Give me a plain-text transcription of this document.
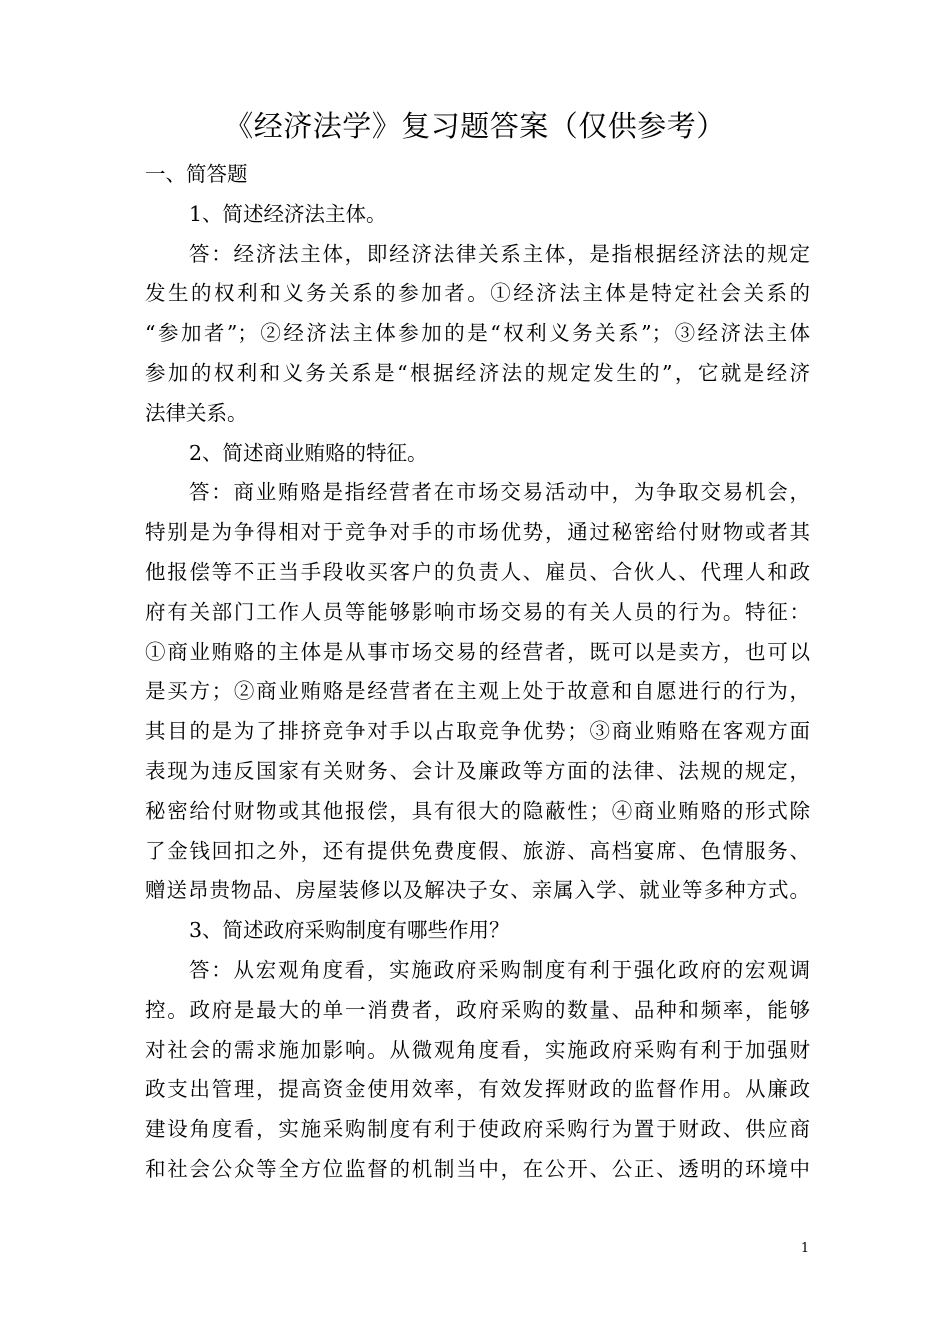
《经济法学》复习题答案（仅供参考）
一、简答题
1、简述经济法主体。
答：经济法主体，即经济法律关系主体，是指根据经济法的规定
发生的权利和义务关系的参加者。①经济法主体是特定社会关系的
“参加者”；②经济法主体参加的是“权利义务关系”；③经济法主体
参加的权利和义务关系是“根据经济法的规定发生的”，它就是经济
法律关系。
2、简述商业贿赂的特征。
答：商业贿赂是指经营者在市场交易活动中，为争取交易机会，
特别是为争得相对于竞争对手的市场优势，通过秘密给付财物或者其
他报偿等不正当手段收买客户的负责人、雇员、合伙人、代理人和政
府有关部门工作人员等能够影响市场交易的有关人员的行为。特征：
①商业贿赂的主体是从事市场交易的经营者，既可以是卖方，也可以
是买方；②商业贿赂是经营者在主观上处于故意和自愿进行的行为，
其目的是为了排挤竞争对手以占取竞争优势；③商业贿赂在客观方面
表现为违反国家有关财务、会计及廉政等方面的法律、法规的规定，
秘密给付财物或其他报偿，具有很大的隐蔽性；④商业贿赂的形式除
了金钱回扣之外，还有提供免费度假、旅游、高档宴席、色情服务、
赠送昂贵物品、房屋装修以及解决子女、亲属入学、就业等多种方式。
3、简述政府采购制度有哪些作用？
答：从宏观角度看，实施政府采购制度有利于强化政府的宏观调
控。政府是最大的单一消费者，政府采购的数量、品种和频率，能够
对社会的需求施加影响。从微观角度看，实施政府采购有利于加强财
政支出管理，提高资金使用效率，有效发挥财政的监督作用。从廉政
建设角度看，实施采购制度有利于使政府采购行为置于财政、供应商
和社会公众等全方位监督的机制当中，在公开、公正、透明的环境中
1
